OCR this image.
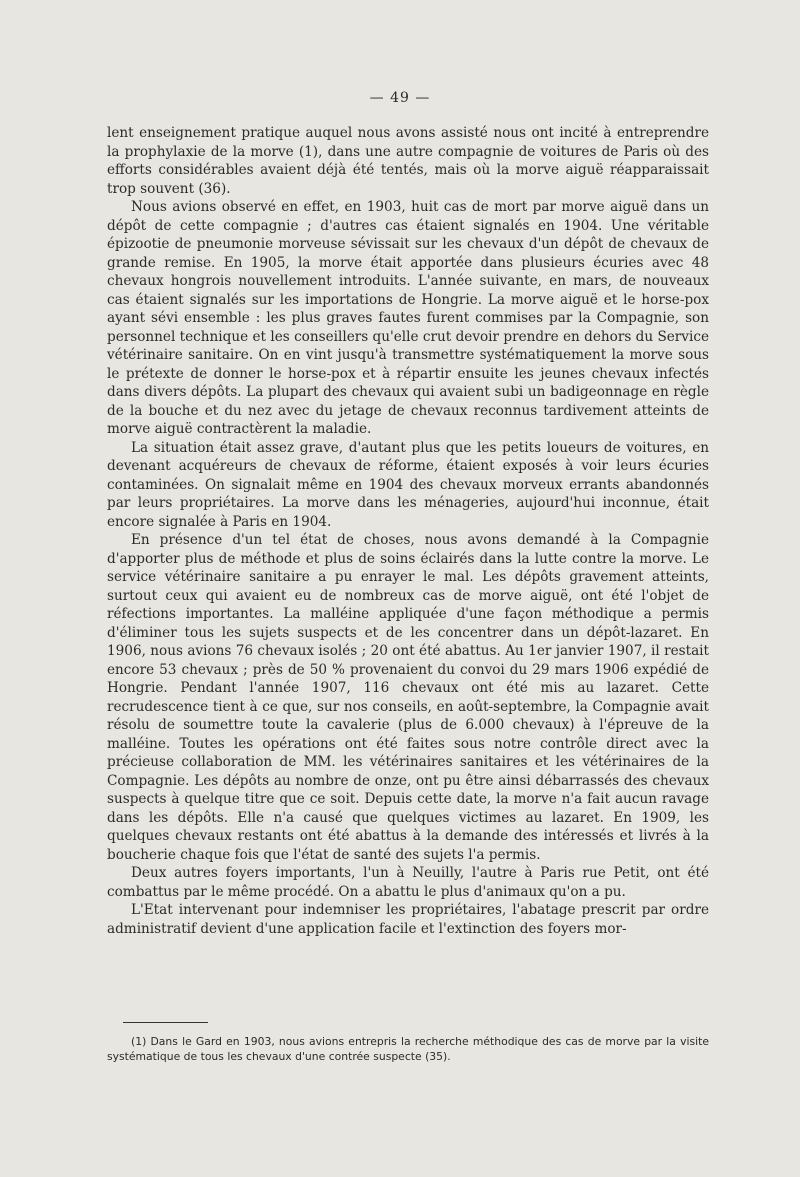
— 49 —

lent enseignement pratique auquel nous avons assisté nous ont incité à entreprendre la prophylaxie de la morve (1), dans une autre compagnie de voitures de Paris où des efforts considérables avaient déjà été tentés, mais où la morve aiguë réapparaissait trop souvent (36).

Nous avions observé en effet, en 1903, huit cas de mort par morve aiguë dans un dépôt de cette compagnie ; d'autres cas étaient signalés en 1904. Une véritable épizootie de pneumonie morveuse sévissait sur les chevaux d'un dépôt de chevaux de grande remise. En 1905, la morve était apportée dans plusieurs écuries avec 48 chevaux hongrois nouvellement introduits. L'année suivante, en mars, de nouveaux cas étaient signalés sur les importations de Hongrie. La morve aiguë et le horse-pox ayant sévi ensemble : les plus graves fautes furent commises par la Compagnie, son personnel technique et les conseillers qu'elle crut devoir prendre en dehors du Service vétérinaire sanitaire. On en vint jusqu'à transmettre systématiquement la morve sous le prétexte de donner le horse-pox et à répartir ensuite les jeunes chevaux infectés dans divers dépôts. La plupart des chevaux qui avaient subi un badigeonnage en règle de la bouche et du nez avec du jetage de chevaux reconnus tardivement atteints de morve aiguë contractèrent la maladie.

La situation était assez grave, d'autant plus que les petits loueurs de voitures, en devenant acquéreurs de chevaux de réforme, étaient exposés à voir leurs écuries contaminées. On signalait même en 1904 des chevaux morveux errants abandonnés par leurs propriétaires. La morve dans les ménageries, aujourd'hui inconnue, était encore signalée à Paris en 1904.

En présence d'un tel état de choses, nous avons demandé à la Compagnie d'apporter plus de méthode et plus de soins éclairés dans la lutte contre la morve. Le service vétérinaire sanitaire a pu enrayer le mal. Les dépôts gravement atteints, surtout ceux qui avaient eu de nombreux cas de morve aiguë, ont été l'objet de réfections importantes. La malléine appliquée d'une façon méthodique a permis d'éliminer tous les sujets suspects et de les concentrer dans un dépôt-lazaret. En 1906, nous avions 76 chevaux isolés ; 20 ont été abattus. Au 1er janvier 1907, il restait encore 53 chevaux ; près de 50 % provenaient du convoi du 29 mars 1906 expédié de Hongrie. Pendant l'année 1907, 116 chevaux ont été mis au lazaret. Cette recrudescence tient à ce que, sur nos conseils, en août-septembre, la Compagnie avait résolu de soumettre toute la cavalerie (plus de 6.000 chevaux) à l'épreuve de la malléine. Toutes les opérations ont été faites sous notre contrôle direct avec la précieuse collaboration de MM. les vétérinaires sanitaires et les vétérinaires de la Compagnie. Les dépôts au nombre de onze, ont pu être ainsi débarrassés des chevaux suspects à quelque titre que ce soit. Depuis cette date, la morve n'a fait aucun ravage dans les dépôts. Elle n'a causé que quelques victimes au lazaret. En 1909, les quelques chevaux restants ont été abattus à la demande des intéressés et livrés à la boucherie chaque fois que l'état de santé des sujets l'a permis.

Deux autres foyers importants, l'un à Neuilly, l'autre à Paris rue Petit, ont été combattus par le même procédé. On a abattu le plus d'animaux qu'on a pu.

L'Etat intervenant pour indemniser les propriétaires, l'abatage prescrit par ordre administratif devient d'une application facile et l'extinction des foyers mor-

(1) Dans le Gard en 1903, nous avions entrepris la recherche méthodique des cas de morve par la visite systématique de tous les chevaux d'une contrée suspecte (35).
